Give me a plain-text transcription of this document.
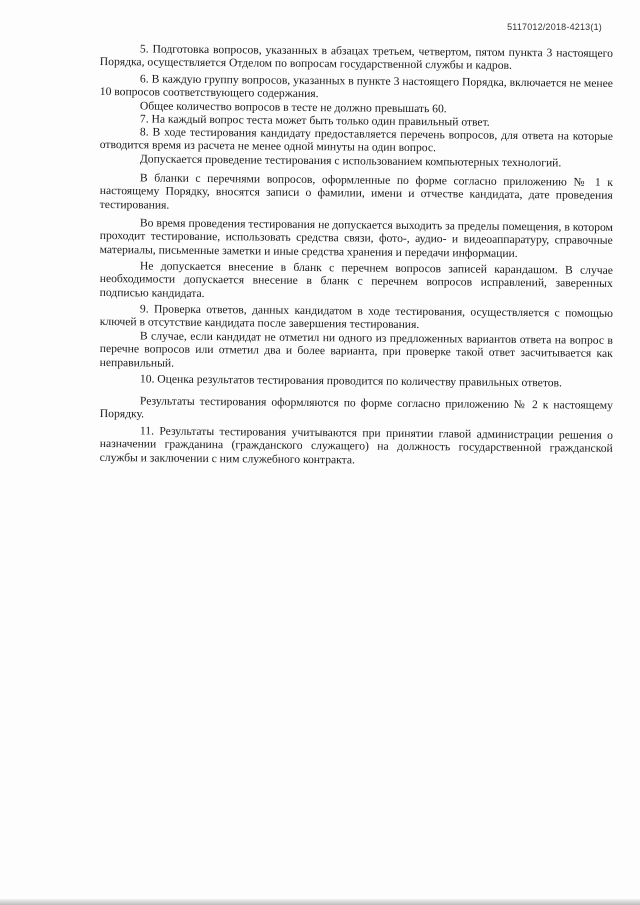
5117012/2018-4213(1)

5. Подготовка вопросов, указанных в абзацах третьем, четвертом, пятом пункта 3 настоящего Порядка, осуществляется Отделом по вопросам государственной службы и кадров.

6. В каждую группу вопросов, указанных в пункте 3 настоящего Порядка, включается не менее 10 вопросов соответствующего содержания.

Общее количество вопросов в тесте не должно превышать 60.

7. На каждый вопрос теста может быть только один правильный ответ.

8. В ходе тестирования кандидату предоставляется перечень вопросов, для ответа на которые отводится время из расчета не менее одной минуты на один вопрос.

Допускается проведение тестирования с использованием компьютерных технологий.

В бланки с перечнями вопросов, оформленные по форме согласно приложению № 1 к настоящему Порядку, вносятся записи о фамилии, имени и отчестве кандидата, дате проведения тестирования.

Во время проведения тестирования не допускается выходить за пределы помещения, в котором проходит тестирование, использовать средства связи, фото-, аудио- и видеоаппаратуру, справочные материалы, письменные заметки и иные средства хранения и передачи информации.

Не допускается внесение в бланк с перечнем вопросов записей карандашом. В случае необходимости допускается внесение в бланк с перечнем вопросов исправлений, заверенных подписью кандидата.

9. Проверка ответов, данных кандидатом в ходе тестирования, осуществляется с помощью ключей в отсутствие кандидата после завершения тестирования.

В случае, если кандидат не отметил ни одного из предложенных вариантов ответа на вопрос в перечне вопросов или отметил два и более варианта, при проверке такой ответ засчитывается как неправильный.

10. Оценка результатов тестирования проводится по количеству правильных ответов.

Результаты тестирования оформляются по форме согласно приложению № 2 к настоящему Порядку.

11. Результаты тестирования учитываются при принятии главой администрации решения о назначении гражданина (гражданского служащего) на должность государственной гражданской службы и заключении с ним служебного контракта.
